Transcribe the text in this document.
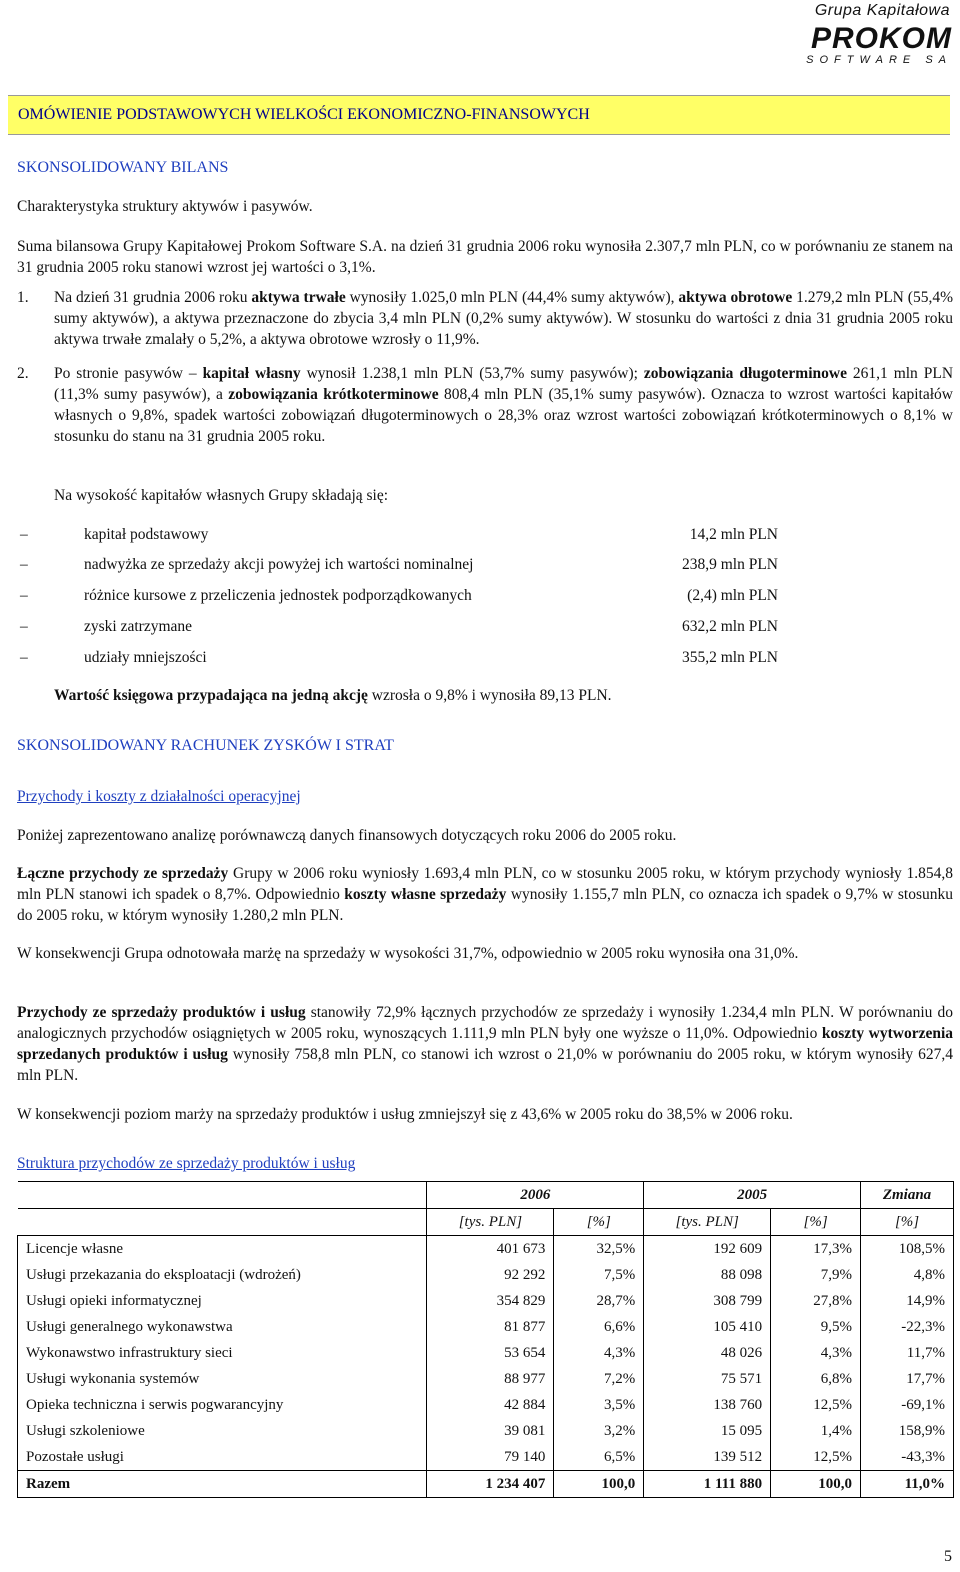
Grupa Kapitałowa
PROKOM
SOFTWARE SA
OMÓWIENIE PODSTAWOWYCH WIELKOŚCI EKONOMICZNO-FINANSOWYCH
SKONSOLIDOWANY BILANS
Charakterystyka struktury aktywów i pasywów.
Suma bilansowa Grupy Kapitałowej Prokom Software S.A. na dzień 31 grudnia 2006 roku wynosiła 2.307,7 mln PLN, co w porównaniu ze stanem na 31 grudnia 2005 roku stanowi wzrost jej wartości o 3,1%.
1. Na dzień 31 grudnia 2006 roku aktywa trwałe wynosiły 1.025,0 mln PLN (44,4% sumy aktywów), aktywa obrotowe 1.279,2 mln PLN (55,4% sumy aktywów), a aktywa przeznaczone do zbycia 3,4 mln PLN (0,2% sumy aktywów). W stosunku do wartości z dnia 31 grudnia 2005 roku aktywa trwałe zmalały o 5,2%, a aktywa obrotowe wzrosły o 11,9%.
2. Po stronie pasywów – kapitał własny wynosił 1.238,1 mln PLN (53,7% sumy pasywów); zobowiązania długoterminowe 261,1 mln PLN (11,3% sumy pasywów), a zobowiązania krótkoterminowe 808,4 mln PLN (35,1% sumy pasywów). Oznacza to wzrost wartości kapitałów własnych o 9,8%, spadek wartości zobowiązań długoterminowych o 28,3% oraz wzrost wartości zobowiązań krótkoterminowych o 8,1% w stosunku do stanu na 31 grudnia 2005 roku.
Na wysokość kapitałów własnych Grupy składają się:
–	kapitał podstawowy	14,2 mln PLN
–	nadwyżka ze sprzedaży akcji powyżej ich wartości nominalnej	238,9 mln PLN
–	różnice kursowe z przeliczenia jednostek podporządkowanych	(2,4) mln PLN
–	zyski zatrzymane	632,2 mln PLN
–	udziały mniejszości	355,2 mln PLN
Wartość księgowa przypadająca na jedną akcję wzrosła o 9,8% i wynosiła 89,13 PLN.
SKONSOLIDOWANY RACHUNEK ZYSKÓW I STRAT
Przychody i koszty z działalności operacyjnej
Poniżej zaprezentowano analizę porównawczą danych finansowych dotyczących roku 2006 do 2005 roku.
Łączne przychody ze sprzedaży Grupy w 2006 roku wyniosły 1.693,4 mln PLN, co w stosunku 2005 roku, w którym przychody wyniosły 1.854,8 mln PLN stanowi ich spadek o 8,7%. Odpowiednio koszty własne sprzedaży wynosiły 1.155,7 mln PLN, co oznacza ich spadek o 9,7% w stosunku do 2005 roku, w którym wynosiły 1.280,2 mln PLN.
W konsekwencji Grupa odnotowała marżę na sprzedaży w wysokości 31,7%, odpowiednio w 2005 roku wynosiła ona 31,0%.
Przychody ze sprzedaży produktów i usług stanowiły 72,9% łącznych przychodów ze sprzedaży i wynosiły 1.234,4 mln PLN. W porównaniu do analogicznych przychodów osiągniętych w 2005 roku, wynoszących 1.111,9 mln PLN były one wyższe o 11,0%. Odpowiednio koszty wytworzenia sprzedanych produktów i usług wynosiły 758,8 mln PLN, co stanowi ich wzrost o 21,0% w porównaniu do 2005 roku, w którym wynosiły 627,4 mln PLN.
W konsekwencji poziom marży na sprzedaży produktów i usług zmniejszył się z 43,6% w 2005 roku do 38,5% w 2006 roku.
Struktura przychodów ze sprzedaży produktów i usług
	2006		2005		Zmiana
	[tys. PLN]	[%]	[tys. PLN]	[%]	[%]
Licencje własne	401 673	32,5%	192 609	17,3%	108,5%
Usługi przekazania do eksploatacji (wdrożeń)	92 292	7,5%	88 098	7,9%	4,8%
Usługi opieki informatycznej	354 829	28,7%	308 799	27,8%	14,9%
Usługi generalnego wykonawstwa	81 877	6,6%	105 410	9,5%	-22,3%
Wykonawstwo infrastruktury sieci	53 654	4,3%	48 026	4,3%	11,7%
Usługi wykonania systemów	88 977	7,2%	75 571	6,8%	17,7%
Opieka techniczna i serwis pogwarancyjny	42 884	3,5%	138 760	12,5%	-69,1%
Usługi szkoleniowe	39 081	3,2%	15 095	1,4%	158,9%
Pozostałe usługi	79 140	6,5%	139 512	12,5%	-43,3%
Razem	1 234 407	100,0	1 111 880	100,0	11,0%
5
